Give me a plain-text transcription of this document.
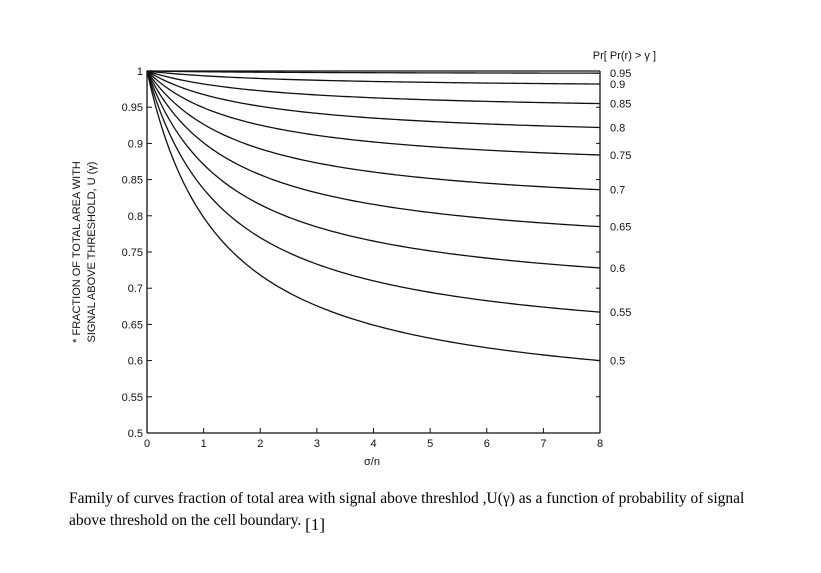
0	1	2	3	4	5	6	7	8
0.5
0.55
0.6
0.65
0.7
0.75
0.8
0.85
0.9
0.95
1	0.95
0.9
0.85
0.8
0.75
0.7
0.65
0.6
0.55
0.5
σ/n
* FRACTION OF TOTAL AREA WITH SIGNAL ABOVE THRESHOLD, U (γ)
Pr[ Pr(r) > γ ]
Family of curves fraction of total area with signal above threshlod ,U(γ) as a function of probability of signal above threshold on the cell boundary. [1]
